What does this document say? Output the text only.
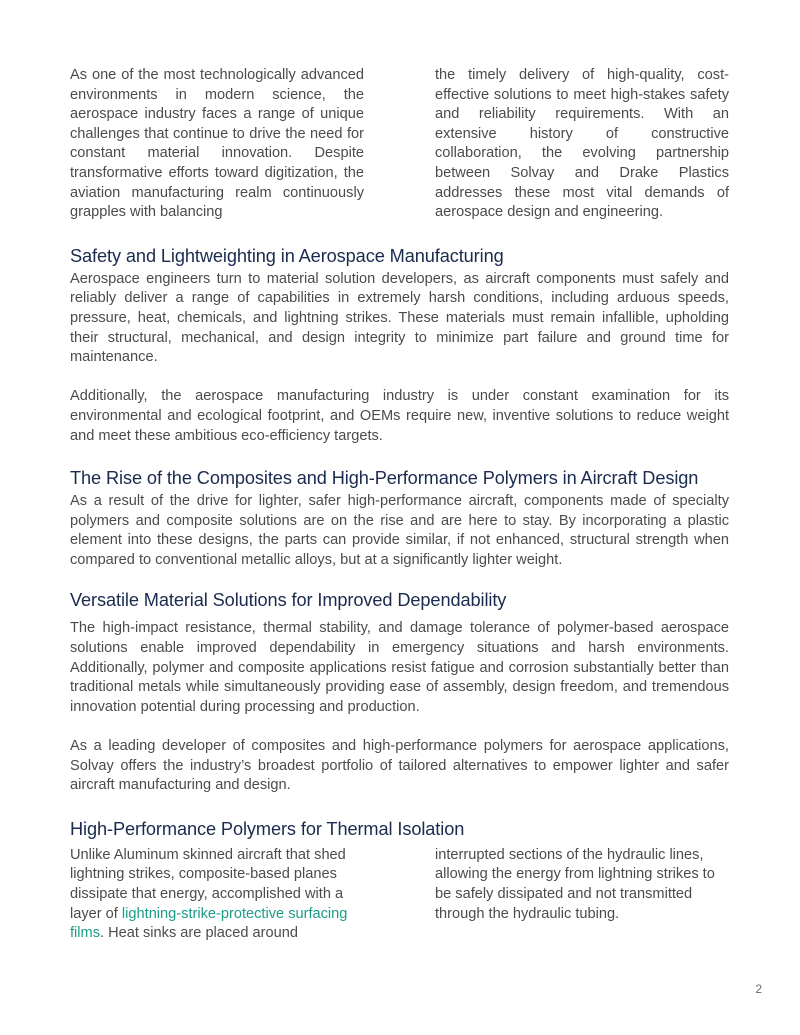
As one of the most technologically advanced environments in modern science, the aerospace industry faces a range of unique challenges that continue to drive the need for constant material innovation. Despite transformative efforts toward digitization, the aviation manufacturing realm continuously grapples with balancing

the timely delivery of high-quality, cost-effective solutions to meet high-stakes safety and reliability requirements. With an extensive history of constructive collaboration, the evolving partnership between Solvay and Drake Plastics addresses these most vital demands of aerospace design and engineering.

Safety and Lightweighting in Aerospace Manufacturing

Aerospace engineers turn to material solution developers, as aircraft components must safely and reliably deliver a range of capabilities in extremely harsh conditions, including arduous speeds, pressure, heat, chemicals, and lightning strikes. These materials must remain infallible, upholding their structural, mechanical, and design integrity to minimize part failure and ground time for maintenance.

Additionally, the aerospace manufacturing industry is under constant examination for its environmental and ecological footprint, and OEMs require new, inventive solutions to reduce weight and meet these ambitious eco-efficiency targets.

The Rise of the Composites and High-Performance Polymers in Aircraft Design

As a result of the drive for lighter, safer high-performance aircraft, components made of specialty polymers and composite solutions are on the rise and are here to stay. By incorporating a plastic element into these designs, the parts can provide similar, if not enhanced, structural strength when compared to conventional metallic alloys, but at a significantly lighter weight.

Versatile Material Solutions for Improved Dependability

The high-impact resistance, thermal stability, and damage tolerance of polymer-based aerospace solutions enable improved dependability in emergency situations and harsh environments. Additionally, polymer and composite applications resist fatigue and corrosion substantially better than traditional metals while simultaneously providing ease of assembly, design freedom, and tremendous innovation potential during processing and production.

As a leading developer of composites and high-performance polymers for aerospace applications, Solvay offers the industry’s broadest portfolio of tailored alternatives to empower lighter and safer aircraft manufacturing and design.

High-Performance Polymers for Thermal Isolation

Unlike Aluminum skinned aircraft that shed lightning strikes, composite-based planes dissipate that energy, accomplished with a layer of lightning-strike-protective surfacing films. Heat sinks are placed around

interrupted sections of the hydraulic lines, allowing the energy from lightning strikes to be safely dissipated and not transmitted through the hydraulic tubing.

2
